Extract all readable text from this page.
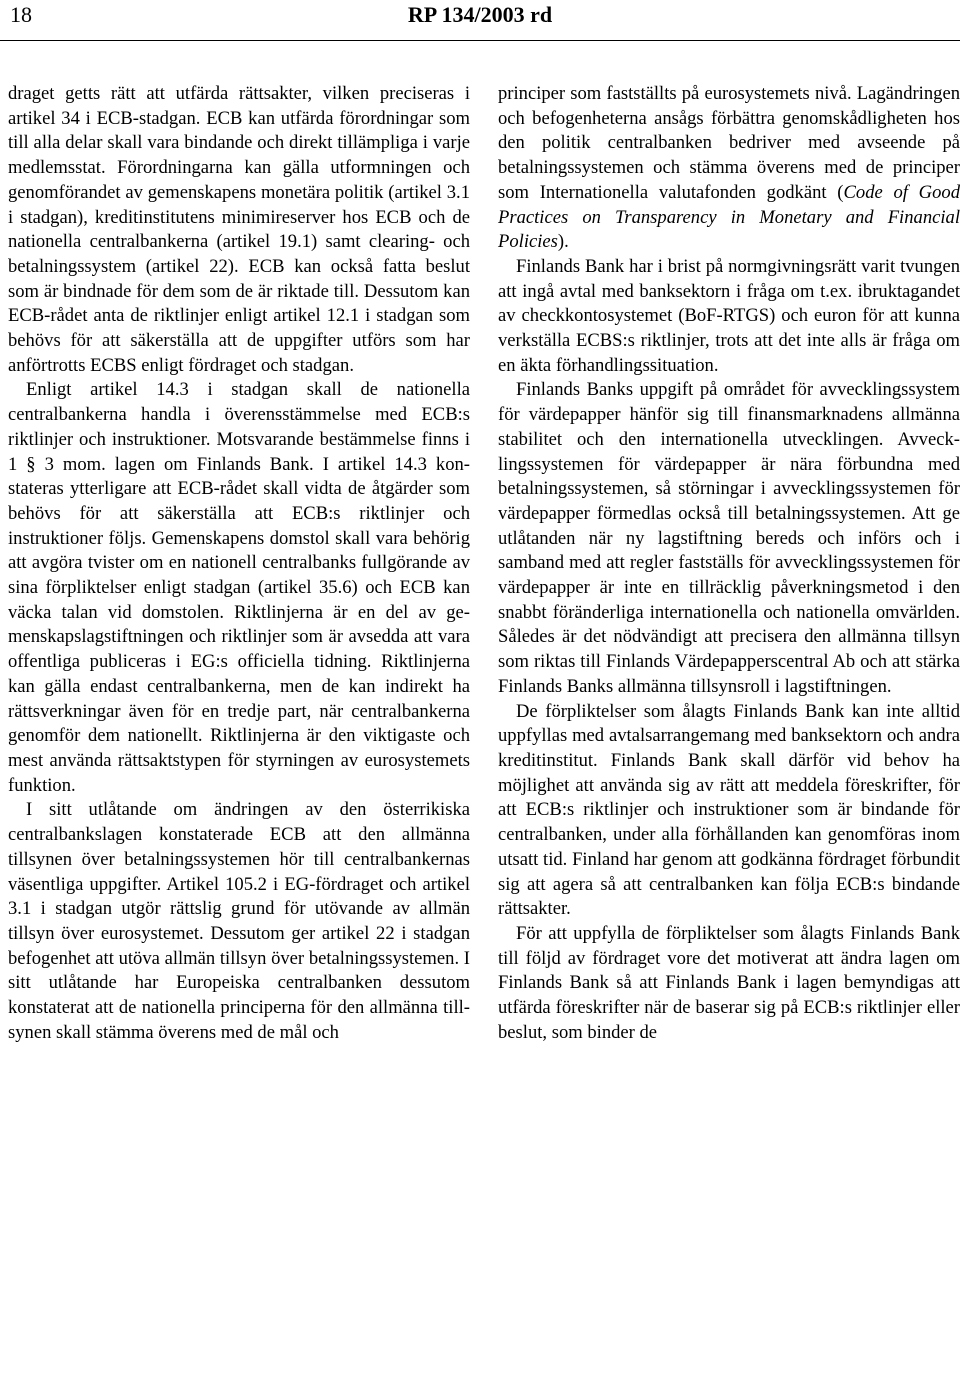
18	RP 134/2003 rd

draget getts rätt att utfärda rättsakter, vilken preciseras i artikel 34 i ECB-stadgan. ECB kan utfärda förordningar som till alla delar skall vara bindande och direkt tillämpliga i varje medlemsstat. Förordningarna kan gälla utformningen och genomförandet av gemenskapens monetära politik (artikel 3.1 i stadgan), kreditinstitutens minimireserver hos ECB och de nationella centralbankerna (artikel 19.1) samt clearing- och betalningssystem (artikel 22). ECB kan också fatta beslut som är bindnade för dem som de är riktade till. Dessutom kan ECB-rådet anta de riktlinjer enligt artikel 12.1 i stadgan som behövs för att säkerställa att de uppgifter utförs som har anförtrotts ECBS enligt fördraget och stadgan.

Enligt artikel 14.3 i stadgan skall de nationella centralbankerna handla i överensstämmelse med ECB:s riktlinjer och instruktioner. Motsvarande bestämmelse finns i 1 § 3 mom. lagen om Finlands Bank. I artikel 14.3 konstateras ytterligare att ECB-rådet skall vidta de åtgärder som behövs för att säkerställa att ECB:s riktlinjer och instruktioner följs. Gemenskapens domstol skall vara behörig att avgöra tvister om en nationell centralbanks fullgörande av sina förpliktelser enligt stadgan (artikel 35.6) och ECB kan väcka talan vid domstolen. Riktlinjerna är en del av gemenskapslagstiftningen och riktlinjer som är avsedda att vara offentliga publiceras i EG:s officiella tidning. Riktlinjerna kan gälla endast centralbankerna, men de kan indirekt ha rättsverkningar även för en tredje part, när centralbankerna genomför dem nationellt. Riktlinjerna är den viktigaste och mest använda rättsaktstypen för styrningen av eurosystemets funktion.

I sitt utlåtande om ändringen av den österrikiska centralbankslagen konstaterade ECB att den allmänna tillsynen över betalningssystemen hör till centralbankernas väsentliga uppgifter. Artikel 105.2 i EG-fördraget och artikel 3.1 i stadgan utgör rättslig grund för utövande av allmän tillsyn över eurosystemet. Dessutom ger artikel 22 i stadgan befogenhet att utöva allmän tillsyn över betalningssystemen. I sitt utlåtande har Europeiska centralbanken dessutom konstaterat att de nationella principerna för den allmänna tillsynen skall stämma överens med de mål och

principer som fastställts på eurosystemets nivå. Lagändringen och befogenheterna ansågs förbättra genomskådligheten hos den politik centralbanken bedriver med avseende på betalningssystemen och stämma överens med de principer som Internationella valutafonden godkänt (Code of Good Practices on Transparency in Monetary and Financial Policies).

Finlands Bank har i brist på normgivningsrätt varit tvungen att ingå avtal med banksektorn i fråga om t.ex. ibruktagandet av checkkontosystemet (BoF-RTGS) och euron för att kunna verkställa ECBS:s riktlinjer, trots att det inte alls är fråga om en äkta förhandlingssituation.

Finlands Banks uppgift på området för avvecklingssystem för värdepapper hänför sig till finansmarknadens allmänna stabilitet och den internationella utvecklingen. Avvecklingssystemen för värdepapper är nära förbundna med betalningssystemen, så störningar i avvecklingssystemen för värdepapper förmedlas också till betalningssystemen. Att ge utlåtanden när ny lagstiftning bereds och införs och i samband med att regler fastställs för avvecklingssystemen för värdepapper är inte en tillräcklig påverkningsmetod i den snabbt föränderliga internationella och nationella omvärlden. Således är det nödvändigt att precisera den allmänna tillsyn som riktas till Finlands Värdepapperscentral Ab och att stärka Finlands Banks allmänna tillsynsroll i lagstiftningen.

De förpliktelser som ålagts Finlands Bank kan inte alltid uppfyllas med avtalsarrangemang med banksektorn och andra kreditinstitut. Finlands Bank skall därför vid behov ha möjlighet att använda sig av rätt att meddela föreskrifter, för att ECB:s riktlinjer och instruktioner som är bindande för centralbanken, under alla förhållanden kan genomföras inom utsatt tid. Finland har genom att godkänna fördraget förbundit sig att agera så att centralbanken kan följa ECB:s bindande rättsakter.

För att uppfylla de förpliktelser som ålagts Finlands Bank till följd av fördraget vore det motiverat att ändra lagen om Finlands Bank så att Finlands Bank i lagen bemyndigas att utfärda föreskrifter när de baserar sig på ECB:s riktlinjer eller beslut, som binder de
